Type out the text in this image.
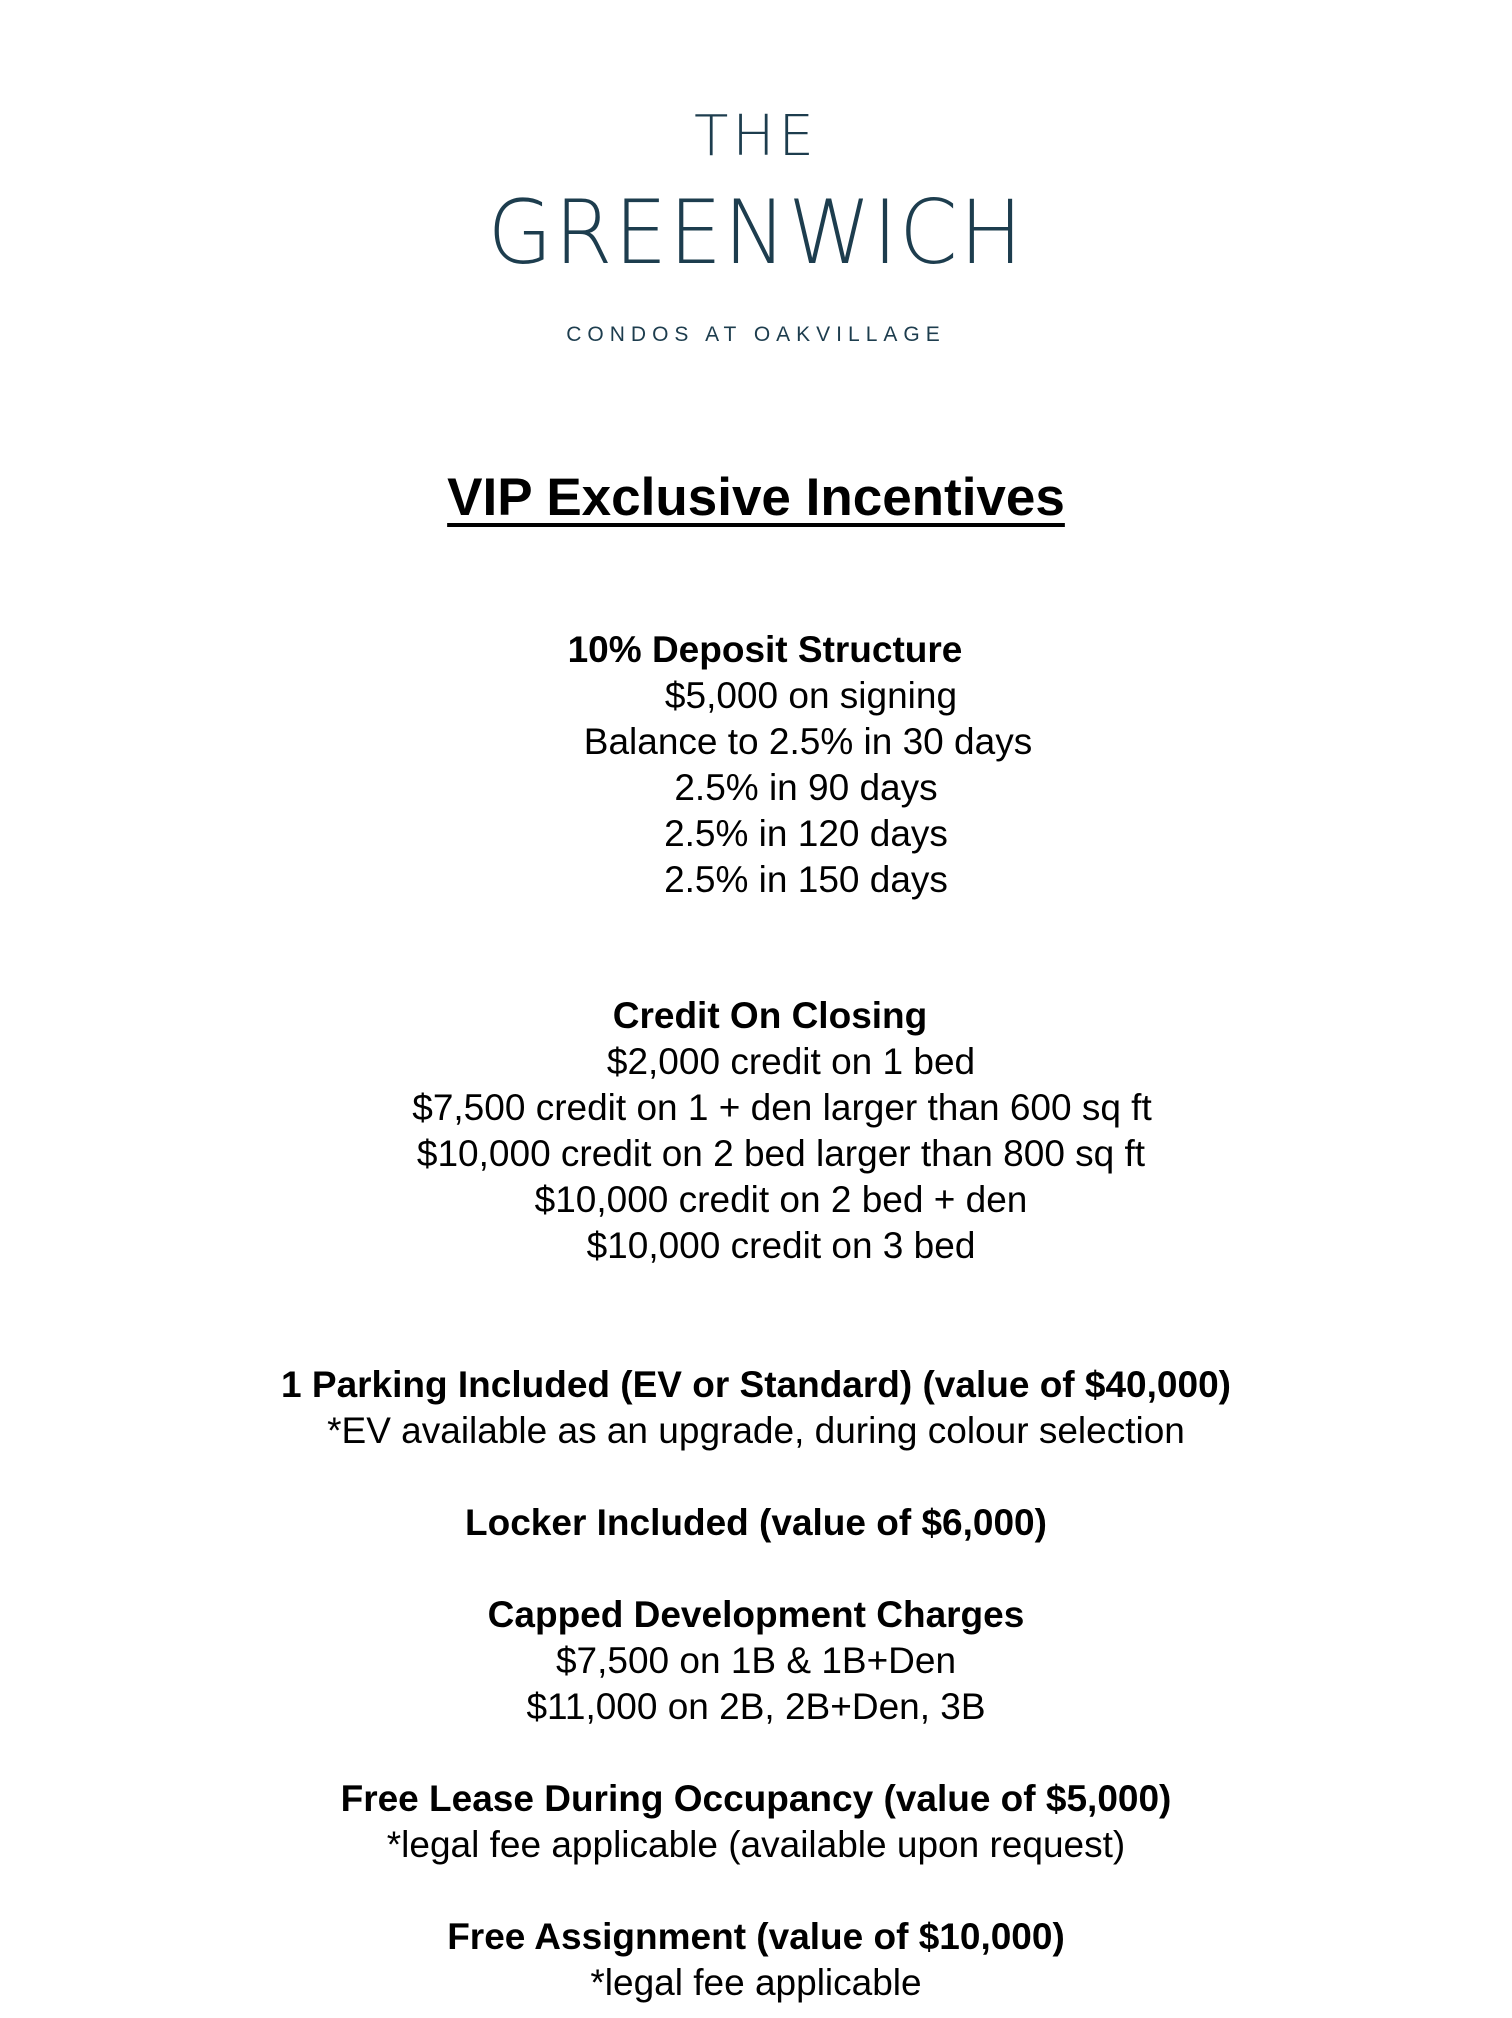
THE
GREENWICH
CONDOS AT OAKVILLAGE
VIP Exclusive Incentives
10% Deposit Structure
$5,000 on signing
Balance to 2.5% in 30 days
2.5% in 90 days
2.5% in 120 days
2.5% in 150 days
Credit On Closing
$2,000 credit on 1 bed
$7,500 credit on 1 + den larger than 600 sq ft
$10,000 credit on 2 bed larger than 800 sq ft
$10,000 credit on 2 bed + den
$10,000 credit on 3 bed
1 Parking Included (EV or Standard) (value of $40,000)
*EV available as an upgrade, during colour selection
Locker Included (value of $6,000)
Capped Development Charges
$7,500 on 1B & 1B+Den
$11,000 on 2B, 2B+Den, 3B
Free Lease During Occupancy (value of $5,000)
*legal fee applicable (available upon request)
Free Assignment (value of $10,000)
*legal fee applicable
